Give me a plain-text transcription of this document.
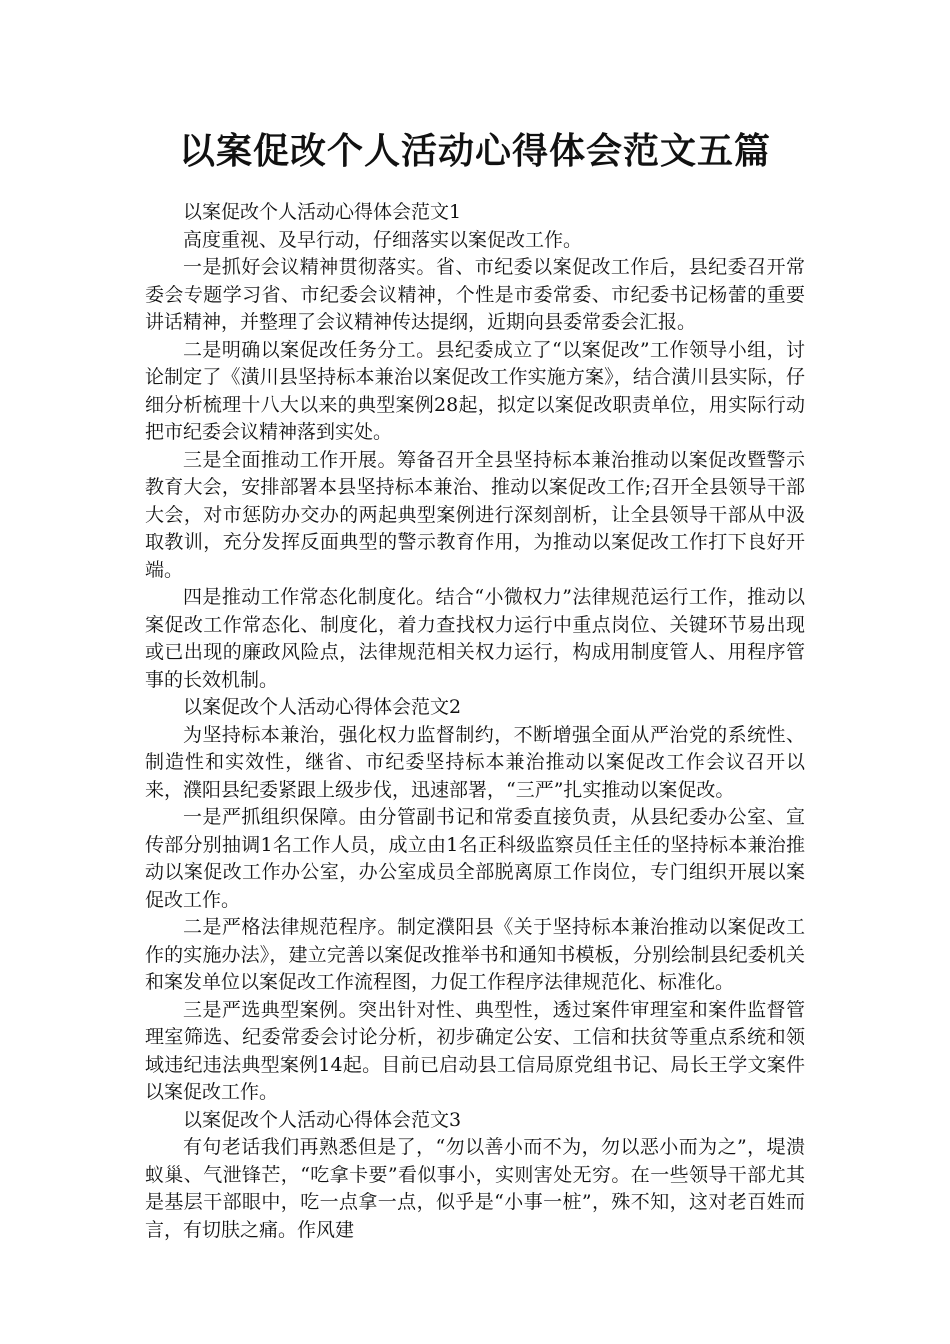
以案促改个人活动心得体会范文五篇

以案促改个人活动心得体会范文1

高度重视、及早行动，仔细落实以案促改工作。

一是抓好会议精神贯彻落实。省、市纪委以案促改工作后，县纪委召开常委会专题学习省、市纪委会议精神，个性是市委常委、市纪委书记杨蕾的重要讲话精神，并整理了会议精神传达提纲，近期向县委常委会汇报。

二是明确以案促改任务分工。县纪委成立了“以案促改”工作领导小组，讨论制定了《潢川县坚持标本兼治以案促改工作实施方案》，结合潢川县实际，仔细分析梳理十八大以来的典型案例28起，拟定以案促改职责单位，用实际行动把市纪委会议精神落到实处。

三是全面推动工作开展。筹备召开全县坚持标本兼治推动以案促改暨警示教育大会，安排部署本县坚持标本兼治、推动以案促改工作;召开全县领导干部大会，对市惩防办交办的两起典型案例进行深刻剖析，让全县领导干部从中汲取教训，充分发挥反面典型的警示教育作用，为推动以案促改工作打下良好开端。

四是推动工作常态化制度化。结合“小微权力”法律规范运行工作，推动以案促改工作常态化、制度化，着力查找权力运行中重点岗位、关键环节易出现或已出现的廉政风险点，法律规范相关权力运行，构成用制度管人、用程序管事的长效机制。

以案促改个人活动心得体会范文2

为坚持标本兼治，强化权力监督制约，不断增强全面从严治党的系统性、制造性和实效性，继省、市纪委坚持标本兼治推动以案促改工作会议召开以来，濮阳县纪委紧跟上级步伐，迅速部署，“三严”扎实推动以案促改。

一是严抓组织保障。由分管副书记和常委直接负责，从县纪委办公室、宣传部分别抽调1名工作人员，成立由1名正科级监察员任主任的坚持标本兼治推动以案促改工作办公室，办公室成员全部脱离原工作岗位，专门组织开展以案促改工作。

二是严格法律规范程序。制定濮阳县《关于坚持标本兼治推动以案促改工作的实施办法》，建立完善以案促改推举书和通知书模板，分别绘制县纪委机关和案发单位以案促改工作流程图，力促工作程序法律规范化、标准化。

三是严选典型案例。突出针对性、典型性，透过案件审理室和案件监督管理室筛选、纪委常委会讨论分析，初步确定公安、工信和扶贫等重点系统和领域违纪违法典型案例14起。目前已启动县工信局原党组书记、局长王学文案件以案促改工作。

以案促改个人活动心得体会范文3

有句老话我们再熟悉但是了，“勿以善小而不为，勿以恶小而为之”，堤溃蚁巢、气泄锋芒，“吃拿卡要”看似事小，实则害处无穷。在一些领导干部尤其是基层干部眼中，吃一点拿一点，似乎是“小事一桩”，殊不知，这对老百姓而言，有切肤之痛。作风建
